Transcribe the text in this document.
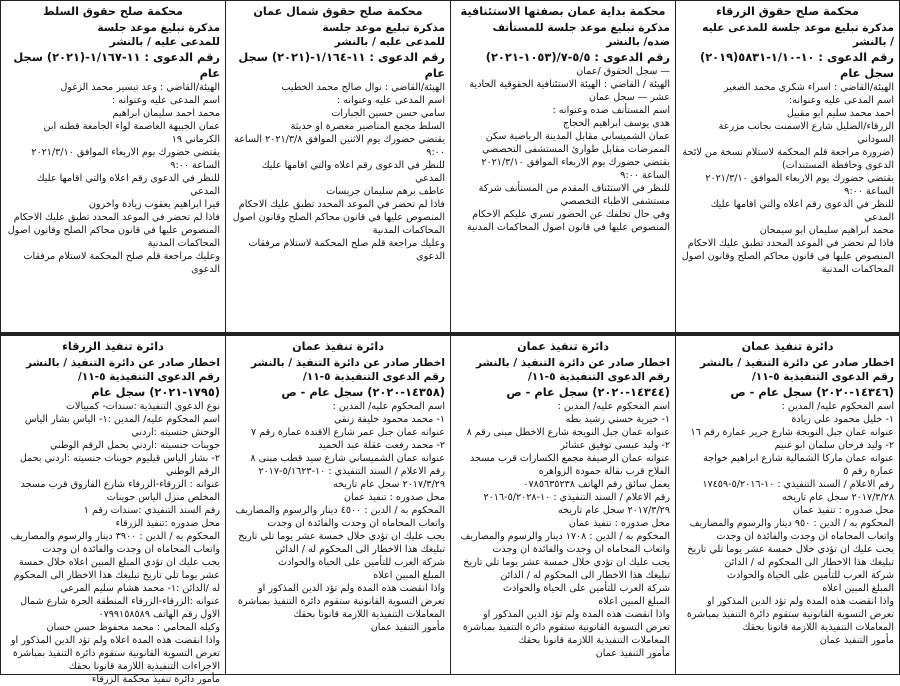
محكمة صلح حقوق الزرقاء
مذكرة تبليغ موعد جلسة للمدعى عليه
/ بالنشر
رقم الدعوى : ١٠-١/١٠-٥٨٣١(٢٠١٩) سجل عام
الهيئة/القاضي : اسراء شكري محمد الصغير
اسم المدعى عليه وعنوانه:
احمد محمد سليم ابو مقبيل
الزرقاء/الضليل شارع الاسمنت بجانب مزرعة السوداني
(ضرورة مراجعة قلم المحكمة لاستلام نسخة من لائحة الدعوى وحافظة المستندات)
يقتضي حضورك يوم الاربعاء الموافق ٢٠٢١/٣/١٠ الساعة ٩:٠٠
للنظر في الدعوى رقم اعلاه والتي اقامها عليك المدعي
محمد ابراهيم سليمان ابو سيمحان
فاذا لم تحضر في الموعد المحدد تطبق عليك الاحكام المنصوص عليها في قانون محاكم الصلح وقانون اصول المحاكمات المدنية
محكمة بداية عمان بصفتها الاستئنافية
مذكرة تبليغ موعد جلسة للمستأنف
ضده/ بالنشر
رقم الدعوى : ٥/٥-٧/(١٠٥٣-٢٠٢١)
— سجل الحقوق /عمان
الهيئة / القاضي : الهيئة الاستئنافية الحقوقية الحادية عشر — سجل عمان
اسم المستأنف ضده وعنوانه :
هدى يوسف ابراهيم الحجاج
عمان الشميساني مقابل المدينة الرياضية سكن الممرضات مقابل طوارئ المستشفى التخصصي
يقتضي حضورك يوم الاربعاء الموافق ٢٠٢١/٣/١٠ الساعة ٩:٠٠
للنظر في الاستئناف المقدم من المستأنف شركة مستشفى الاطباء التخصصي
وفي حال تخلفك عن الحضور تسري عليكم الاحكام المنصوص عليها في قانون اصول المحاكمات المدنية
محكمة صلح حقوق شمال عمان
مذكرة تبليغ موعد جلسة
للمدعى عليه / بالنشر
رقم الدعوى : ١١-١/١٦٤-(٢٠٢١) سجل عام
الهيئة/القاضي : نوال صالح محمد الخطيب
اسم المدعى عليه وعنوانه :
سامي حسن حسين الجبارات
السلط مجمع المناصير معصرة او حديثة
يقتضي حضورك يوم الاثنين الموافق ٢٠٢١/٣/٨ الساعة ٩:٠٠
للنظر في الدعوى رقم اعلاه والتي اقامها عليك المدعي
عاطف برهم سليمان جريسات
فاذا لم تحضر في الموعد المحدد تطبق عليك الاحكام المنصوص عليها في قانون محاكم الصلح وقانون اصول المحاكمات المدنية
وعليك مراجعة قلم صلح المحكمة لاستلام مرفقات الدعوى
محكمة صلح حقوق السلط
مذكرة تبليغ موعد جلسة
للمدعى عليه / بالنشر
رقم الدعوى : ١١-١/١٦٧-(٢٠٢١) سجل عام
الهيئة/القاضي : وعد تيسير محمد الزغول
اسم المدعى عليه وعنوانه :
محمد احمد سليمان ابراهيم
عمان الجبيهة العاصمة لواء الجامعة قطنه ابن الكرماني ١٩
يقتضي حضورك يوم الاربعاء الموافق ٢٠٢١/٣/١٠ الساعة ٩:٠٠
للنظر في الدعوى رقم اعلاه والتي اقامها عليك المدعي
قيرا ابراهيم يعقوب زيادة واخرون
فاذا لم تحضر في الموعد المحدد تطبق عليك الاحكام المنصوص عليها في قانون محاكم الصلح وقانون اصول المحاكمات المدنية
وعليك مراجعة قلم صلح المحكمة لاستلام مرفقات الدعوى
دائرة تنفيذ عمان
اخطار صادر عن دائرة التنفيذ / بالنشر
رقم الدعوى التنفيذية ٥-١١/
(١٤٣٤٦-٢٠٢٠) سجل عام - ص
اسم المحكوم عليه/ المدين :
١- خليل محمود علي زيادة
عنوانه عمان جبل النويجة شارع جرير عمارة رقم ١٦
٢- وليد فرحان سلمان ابو غنيم
عنوانه عمان ماركا الشمالية شارع ابراهيم خواجة عمارة رقم ٥
رقم الاعلام / السند التنفيذي : ١٠-٥/٢٠١٦-١٧٤٥٩
٢٠١٧/٣/٢٨ سجل عام تاريخه
محل صدوره : تنفيذ عمان
المحكوم به / الدين : ٩٥٠ دينار والرسوم والمصاريف واتعاب المحاماه ان وجدت والفائدة ان وجدت
يجب عليك ان تؤدي خلال خمسة عشر يوما تلي تاريخ تبليغك هذا الاخطار الى المحكوم له / الدائن
شركة العرب للتأمين على الحياة والحوادث
المبلغ المبين اعلاه
واذا انقضت هذه المدة ولم تؤد الدين المذكور او تعرض التسوية القانونية ستقوم دائرة التنفيذ بمباشرة المعاملات التنفيذية اللازمة قانونا بحقك
مأمور التنفيذ عمان
دائرة تنفيذ عمان
اخطار صادر عن دائرة التنفيذ / بالنشر
رقم الدعوى التنفيذية ٥-١١/
(١٤٣٤٤-٢٠٢٠) سجل عام - ص
اسم المحكوم عليه/ المدين :
١- خيرية حسني رشيد بطه
عنوانه عمان جبل النويجة شارع الاخطل مبنى رقم ٨
٢- وليد عيسى توفيق عشائر
عنوانه عمان الرصيفة مجمع الكسارات قرب مسجد الفلاح قرب بقالة حمودة الزواهره
يعمل سائق رقم الهاتف ٠٧٨٥٦٣٥٢٣٨
رقم الاعلام / السند التنفيذي : ١٠-٥/٢٠٢٨-٢٠١٦
٢٠١٧/٣/٢٩ سجل عام تاريخه
محل صدوره : تنفيذ عمان
المحكوم به / الدين : ١٧٠٨ دينار والرسوم والمصاريف واتعاب المحاماه ان وجدت والفائدة ان وجدت
يجب عليك ان تؤدي خلال خمسة عشر يوما تلي تاريخ تبليغك هذا الاخطار الى المحكوم له / الدائن
شركة العرب للتأمين على الحياة والحوادث
المبلغ المبين اعلاه
واذا انقضت هذه المدة ولم تؤد الدين المذكور او تعرض التسوية القانونية ستقوم دائرة التنفيذ بمباشرة المعاملات التنفيذية اللازمة قانونا بحقك
مأمور التنفيذ عمان
دائرة تنفيذ عمان
اخطار صادر عن دائرة التنفيذ / بالنشر
رقم الدعوى التنفيذية ٥-١١/
(١٤٣٥٨-٢٠٢٠) سجل عام - ص
اسم المحكوم عليه/ المدين :
١- محمد محمود خليفة زنقي
عنوانه عمان جبل عمر شارع الاقندة عمارة رقم ٧
٢- محمد رفعت عقلة عبد الحميد
عنوانه عمان الشميساني شارع سيد قطب مبنى ٨
رقم الاعلام / السند التنفيذي : ١٠-٥/١٦٢٣-٢٠١٧
٢٠١٧/٣/٢٩ سجل عام تاريخه
محل صدوره : تنفيذ عمان
المحكوم به / الدين : ٤٥٠٠ دينار والرسوم والمصاريف واتعاب المحاماه ان وجدت والفائدة ان وجدت
يجب عليك ان تؤدي خلال خمسة عشر يوما تلي تاريخ تبليغك هذا الاخطار الى المحكوم له / الدائن
شركة العرب للتأمين على الحياة والحوادث
المبلغ المبين اعلاه
واذا انقضت هذه المدة ولم تؤد الدين المذكور او تعرض التسوية القانونية ستقوم دائرة التنفيذ بمباشرة المعاملات التنفيذية اللازمة قانونا بحقك
مأمور التنفيذ عمان
دائرة تنفيذ الزرقاء
اخطار صادر عن دائرة التنفيذ / بالنشر
رقم الدعوى التنفيذية ٥-١١/
(١٧٩٥-٢٠٢١) سجل عام
نوع الدعوى التنفيذية :سندات- كمبيالات
اسم المحكوم عليه/ المدين :١- الياس بشار الياس الوحش جنسيته :اردني
جوينات جنسيته :اردني بحمل الرقم الوطني
٢- بشار الياس قيليوم جوينات جنسيته :اردني بحمل الرقم الوطني
عنوانه : الزرقاء-الزرقاء شارع الفاروق قرب مسجد المخلص منزل الياس جوينات
رقم السند التنفيذي :سندات رقم ١
محل صدوره :تنفيذ الزرقاء
المحكوم به / الدين : ٣٩٠٠ دينار والرسوم والمصاريف واتعاب المحاماه ان وجدت والفائدة ان وجدت
يجب عليك ان تؤدي المبلغ المبين اعلاه خلال خمسة عشر يوما تلي تاريخ تبليغك هذا الاخطار الى المحكوم له /الدائن :١- محمد هشام سليم المرعي
عنوانه :الزرقاء-الزرقاء المنطقة الحرة شارع شمال الاول رقم الهاتف ٠٧٩٩١٥٨٥٨٩
وكيله المحامي : محمد محفوظ حسن حسان
واذا انقضت هذه المدة اعلاه ولم تؤد الدين المذكور او تعرض التسوية القانونية ستقوم دائرة التنفيذ بمباشرة الاجراءات التنفيذية اللازمة قانونا بحقك
مأمور دائرة تنفيذ محكمة الزرقاء
